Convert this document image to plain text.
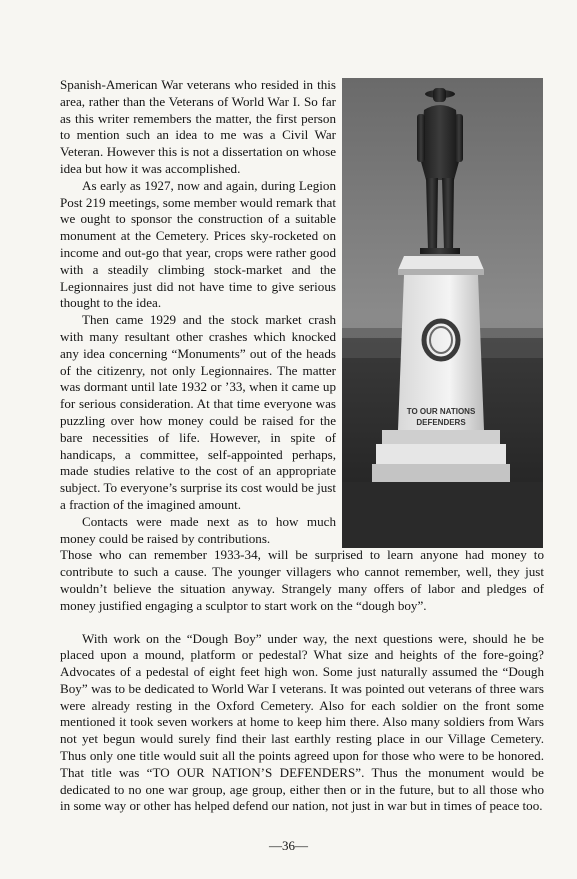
TO OUR NATIONS
DEFENDERS

Spanish-American War veterans who resided in this area, rather than the Veterans of World War I. So far as this writer remembers the matter, the first person to mention such an idea to me was a Civil War Veteran. However this is not a dissertation on whose idea but how it was accomplished.

As early as 1927, now and again, during Legion Post 219 meetings, some member would remark that we ought to sponsor the construction of a suitable monument at the Cemetery. Prices sky-rocketed on income and out-go that year, crops were rather good with a steadily climbing stock-market and the Legionnaires just did not have time to give serious thought to the idea.

Then came 1929 and the stock market crash with many resultant other crashes which knocked any idea concerning “Monuments” out of the heads of the citizenry, not only Legionnaires. The matter was dormant until late 1932 or ’33, when it came up for serious consideration. At that time everyone was puzzling over how money could be raised for the bare necessities of life. However, in spite of handicaps, a committee, self-appointed perhaps, made studies relative to the cost of an appropriate subject. To everyone’s surprise its cost would be just a fraction of the imagined amount.

Contacts were made next as to how much money could be raised by contributions.

Those who can remember 1933-34, will be surprised to learn anyone had money to contribute to such a cause. The younger villagers who cannot remember, well, they just wouldn’t believe the situation anyway. Strangely many offers of labor and pledges of money justified engaging a sculptor to start work on the “dough boy”.

With work on the “Dough Boy” under way, the next questions were, should he be placed upon a mound, platform or pedestal? What size and heights of the fore-going? Advocates of a pedestal of eight feet high won. Some just naturally assumed the “Dough Boy” was to be dedicated to World War I veterans. It was pointed out veterans of three wars were already resting in the Oxford Cemetery. Also for each soldier on the front some mentioned it took seven workers at home to keep him there. Also many soldiers from Wars not yet begun would surely find their last earthly resting place in our Village Cemetery. Thus only one title would suit all the points agreed upon for those who were to be honored. That title was “TO OUR NATION’S DEFENDERS”. Thus the monument would be dedicated to no one war group, age group, either then or in the future, but to all those who in some way or other has helped defend our nation, not just in war but in times of peace too.

—36—
